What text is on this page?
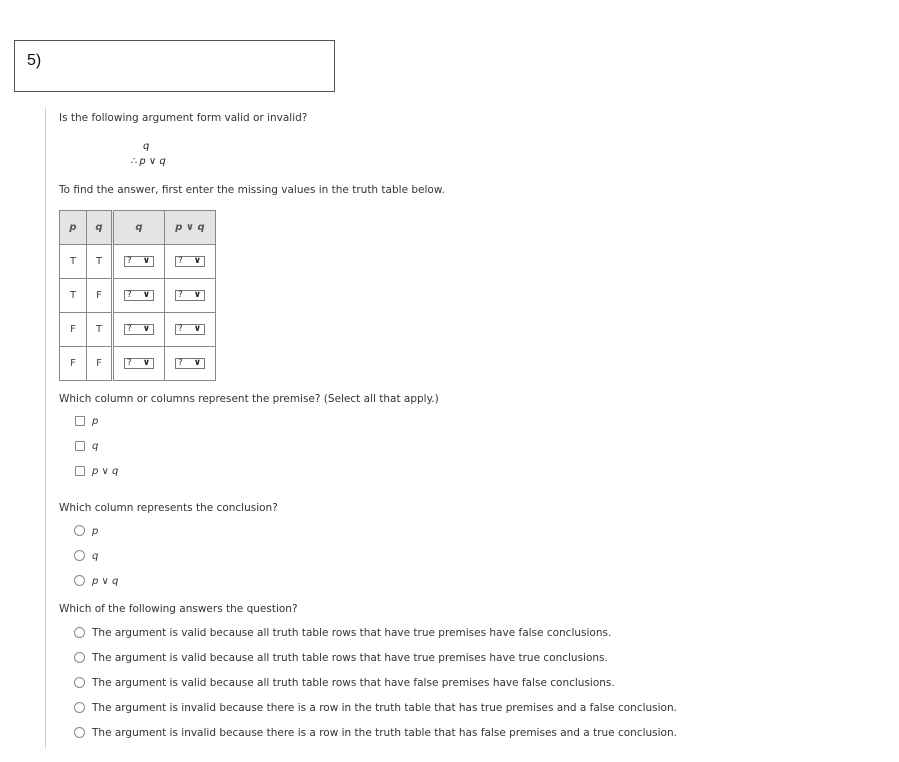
5)
Is the following argument form valid or invalid?
q
∴ p ∨ q
To find the answer, first enter the missing values in the truth table below.
p	q	q	p ∨ q
T	T	? ∨	? ∨

T	F	? ∨	? ∨

F	T	? ∨	? ∨

F	F	? ∨	? ∨
Which column or columns represent the premise? (Select all that apply.)
p
q
p ∨ q
Which column represents the conclusion?
p
q
p ∨ q
Which of the following answers the question?
The argument is valid because all truth table rows that have true premises have false conclusions.
The argument is valid because all truth table rows that have true premises have true conclusions.
The argument is valid because all truth table rows that have false premises have false conclusions.
The argument is invalid because there is a row in the truth table that has true premises and a false conclusion.
The argument is invalid because there is a row in the truth table that has false premises and a true conclusion.
